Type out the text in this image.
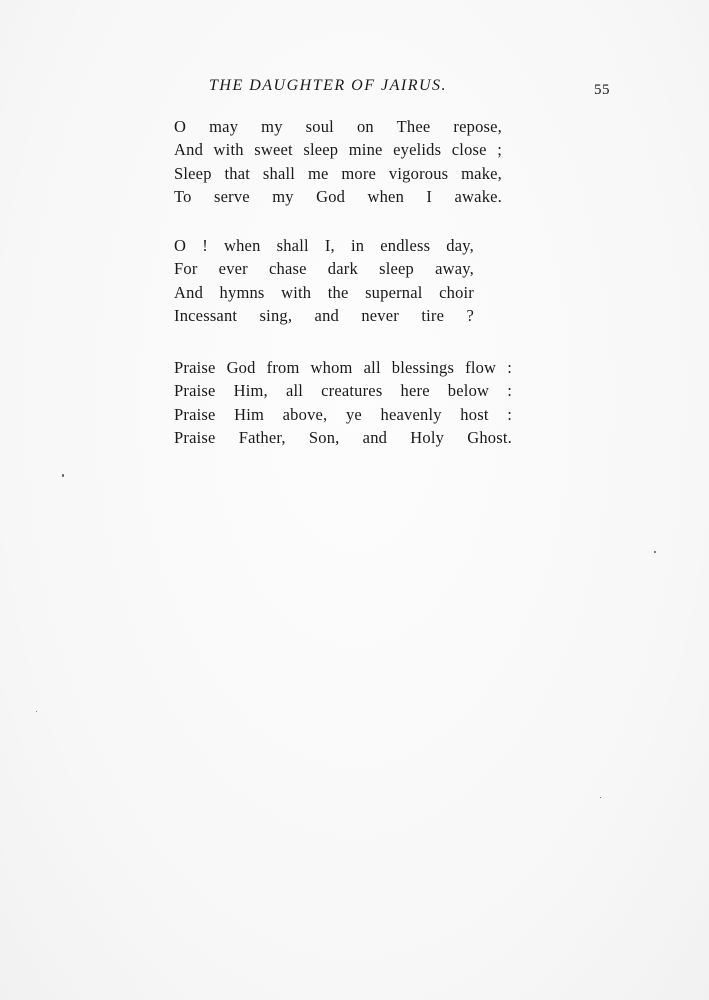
THE DAUGHTER OF JAIRUS.	55
O may my soul on Thee repose,
And with sweet sleep mine eyelids close ;
Sleep that shall me more vigorous make,
To serve my God when I awake.
O ! when shall I, in endless day,
For ever chase dark sleep away,
And hymns with the supernal choir
Incessant sing, and never tire ?
Praise God from whom all blessings flow :
Praise Him, all creatures here below :
Praise Him above, ye heavenly host :
Praise Father, Son, and Holy Ghost.
